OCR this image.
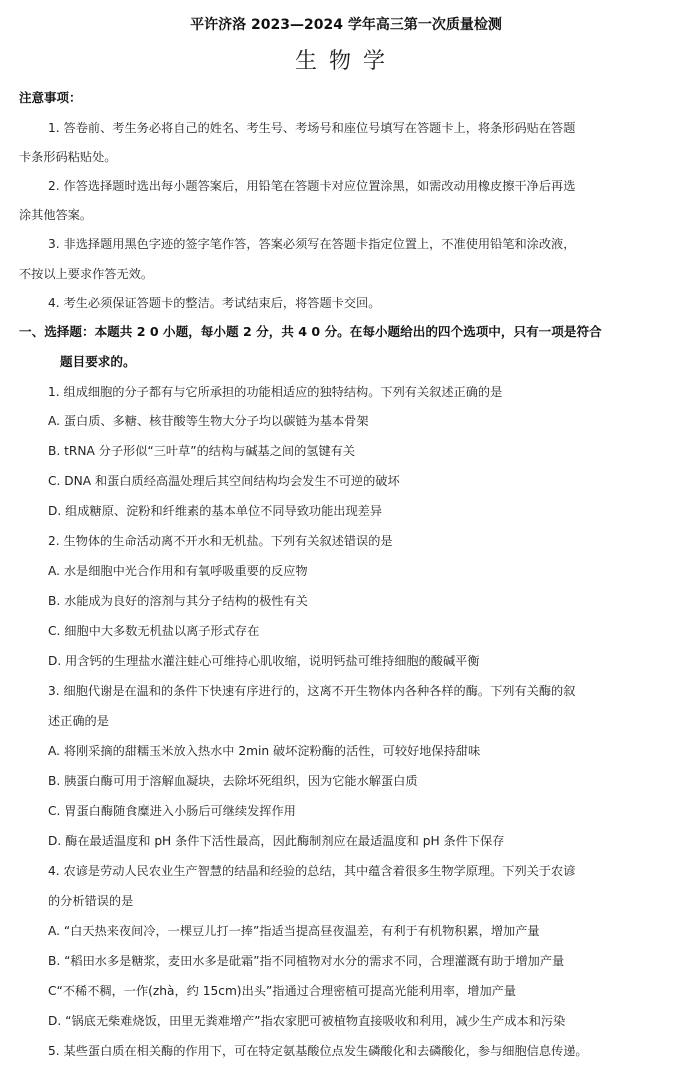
平许济洛 2023—2024 学年高三第一次质量检测
生物学
注意事项：
1. 答卷前、考生务必将自己的姓名、考生号、考场号和座位号填写在答题卡上，将条形码贴在答题
卡条形码粘贴处。
2. 作答选择题时选出每小题答案后，用铅笔在答题卡对应位置涂黑，如需改动用橡皮擦干净后再选
涂其他答案。
3. 非选择题用黑色字迹的签字笔作答，答案必须写在答题卡指定位置上，不准使用铅笔和涂改液，
不按以上要求作答无效。
4. 考生必须保证答题卡的整洁。考试结束后，将答题卡交回。
一、选择题：本题共 2 0 小题，每小题 2 分，共 4 0 分。在每小题给出的四个选项中，只有一项是符合
题目要求的。
1. 组成细胞的分子都有与它所承担的功能相适应的独特结构。下列有关叙述正确的是
A. 蛋白质、多糖、核苷酸等生物大分子均以碳链为基本骨架
B. tRNA 分子形似“三叶草”的结构与碱基之间的氢键有关
C. DNA 和蛋白质经高温处理后其空间结构均会发生不可逆的破坏
D. 组成糖原、淀粉和纤维素的基本单位不同导致功能出现差异
2. 生物体的生命活动离不开水和无机盐。下列有关叙述错误的是
A. 水是细胞中光合作用和有氧呼吸重要的反应物
B. 水能成为良好的溶剂与其分子结构的极性有关
C. 细胞中大多数无机盐以离子形式存在
D. 用含钙的生理盐水灌注蛙心可维持心肌收缩，说明钙盐可维持细胞的酸碱平衡
3. 细胞代谢是在温和的条件下快速有序进行的，这离不开生物体内各种各样的酶。下列有关酶的叙
述正确的是
A. 将刚采摘的甜糯玉米放入热水中 2min 破坏淀粉酶的活性，可较好地保持甜味
B. 胰蛋白酶可用于溶解血凝块，去除坏死组织，因为它能水解蛋白质
C. 胃蛋白酶随食糜进入小肠后可继续发挥作用
D. 酶在最适温度和 pH 条件下活性最高，因此酶制剂应在最适温度和 pH 条件下保存
4. 农谚是劳动人民农业生产智慧的结晶和经验的总结，其中蕴含着很多生物学原理。下列关于农谚
的分析错误的是
A. “白天热来夜间冷，一棵豆儿打一捧”指适当提高昼夜温差，有利于有机物积累，增加产量
B. “稻田水多是糖浆，麦田水多是砒霜”指不同植物对水分的需求不同，合理灌溉有助于增加产量
C“不稀不稠，一作(zhà，约 15cm)出头”指通过合理密植可提高光能利用率，增加产量
D. “锅底无柴难烧饭，田里无粪难增产”指农家肥可被植物直接吸收和利用，减少生产成本和污染
5. 某些蛋白质在相关酶的作用下，可在特定氨基酸位点发生磷酸化和去磷酸化，参与细胞信息传递。
